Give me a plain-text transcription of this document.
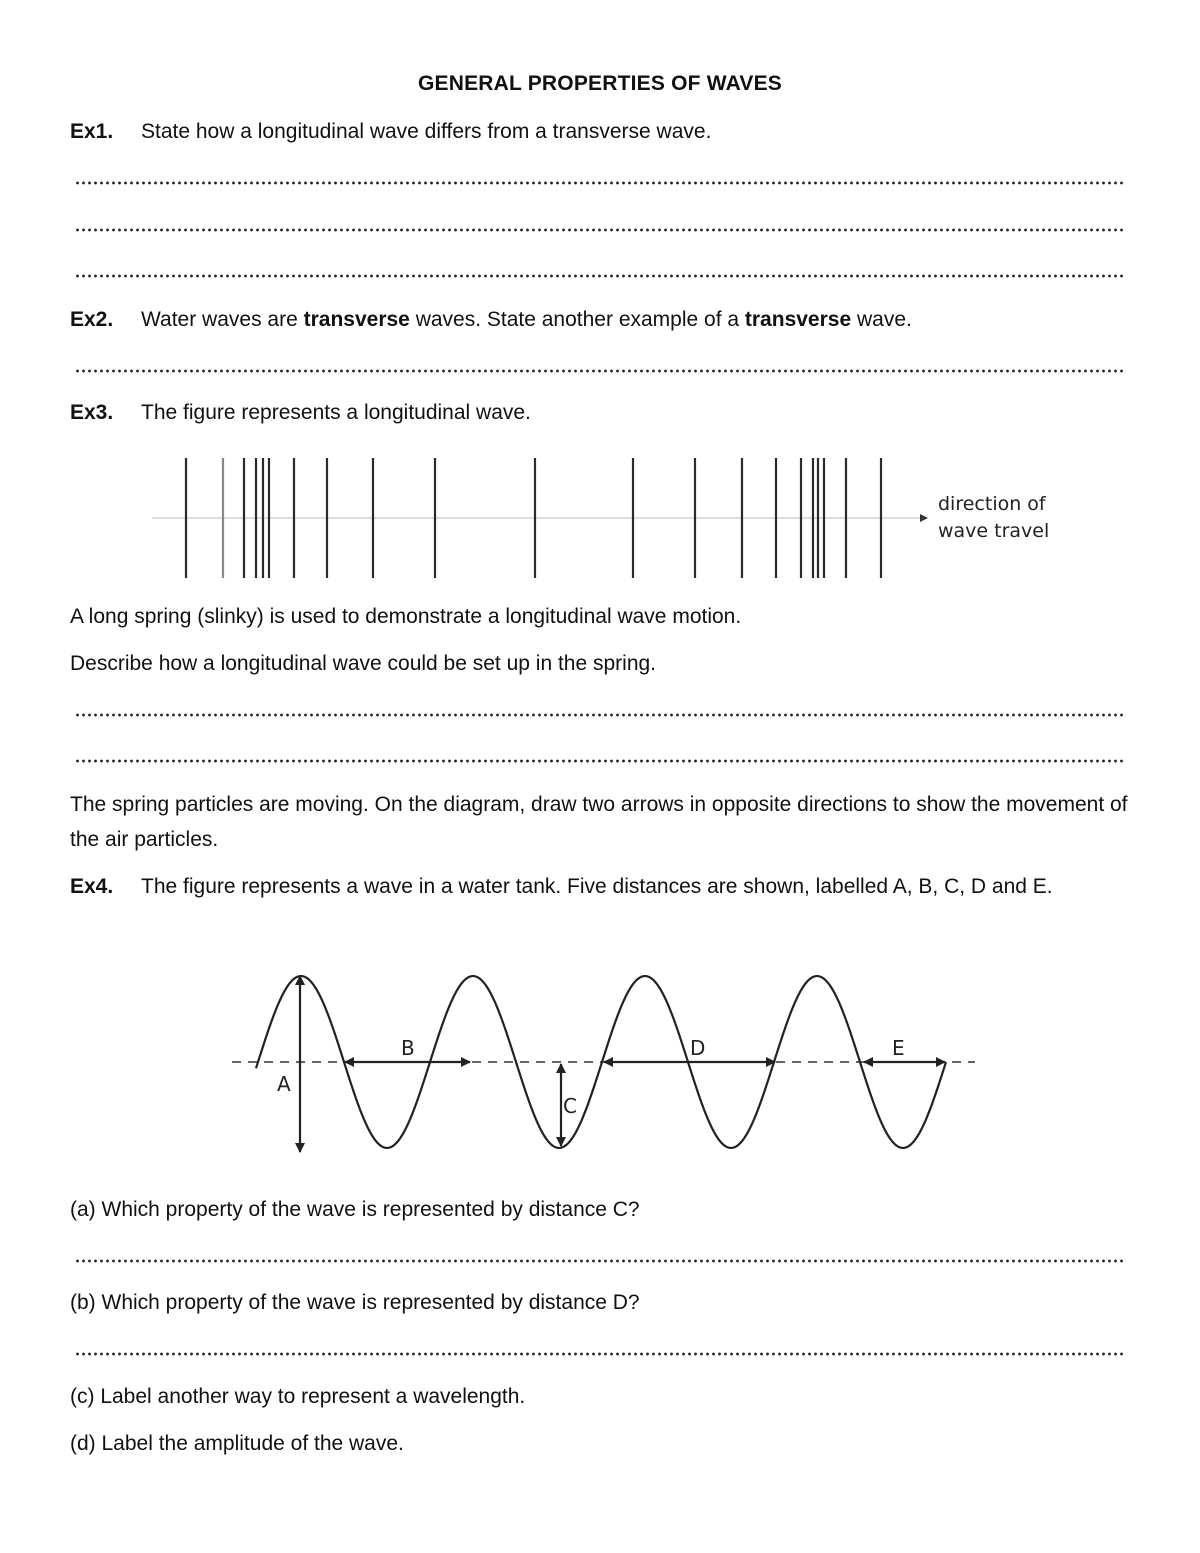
GENERAL PROPERTIES OF WAVES
Ex1. State how a longitudinal wave differs from a transverse wave.
Ex2. Water waves are transverse waves. State another example of a transverse wave.
Ex3. The figure represents a longitudinal wave.
direction of
wave travel
A long spring (slinky) is used to demonstrate a longitudinal wave motion.
Describe how a longitudinal wave could be set up in the spring.
The spring particles are moving. On the diagram, draw two arrows in opposite directions to show the movement of the air particles.
Ex4. The figure represents a wave in a water tank. Five distances are shown, labelled A, B, C, D and E.
A
B
C
D	E
(a) Which property of the wave is represented by distance C?
(b) Which property of the wave is represented by distance D?
(c) Label another way to represent a wavelength.
(d) Label the amplitude of the wave.
